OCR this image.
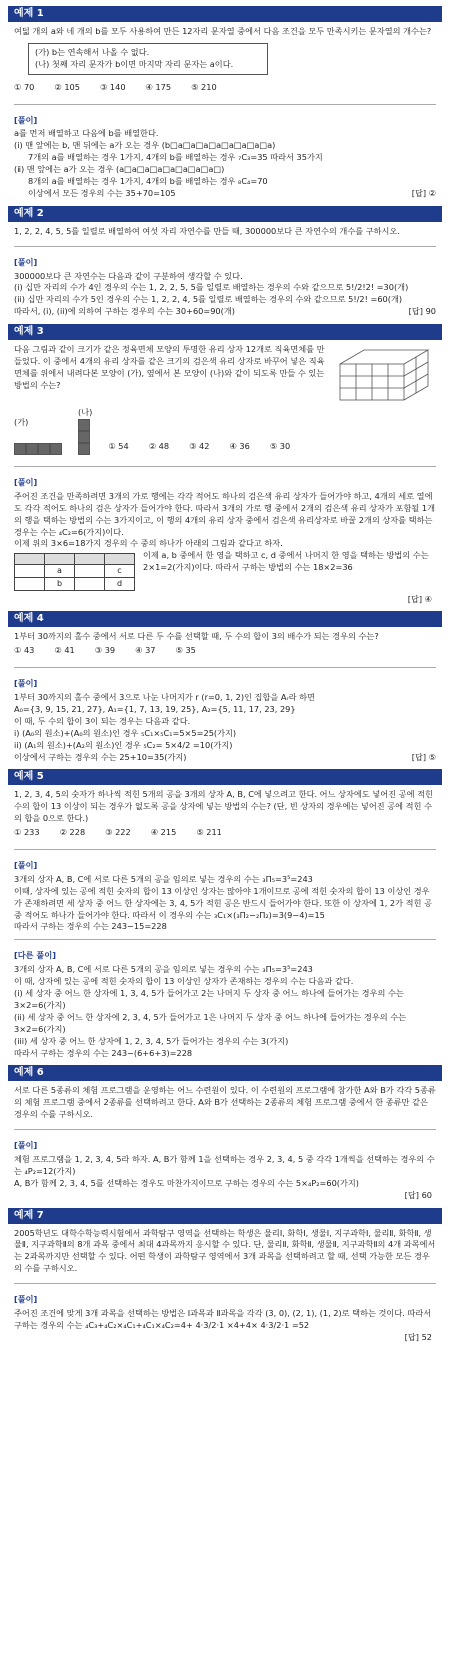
예제 1
여덟 개의 a와 네 개의 b를 모두 사용하여 만든 12자리 문자열 중에서 다음 조건을 모두 만족시키는 문자열의 개수는?
(가) b는 연속해서 나올 수 없다.
(나) 첫째 자리 문자가 b이면 마지막 자리 문자는 a이다.
① 70 ② 105 ③ 140 ④ 175 ⑤ 210
[풀이]
a를 먼저 배열하고 다음에 b를 배열한다.
(ⅰ) 맨 앞에는 b, 맨 뒤에는 a가 오는 경우 (b□a□a□a□a□a□a□a□a)
7개의 a를 배열하는 경우 1가지, 4개의 b를 배열하는 경우 ₇C₃=35 따라서 35가지
(ⅱ) 맨 앞에는 a가 오는 경우 (a□a□a□a□a□a□a□a□)
8개의 a를 배열하는 경우 1가지, 4개의 b를 배열하는 경우 ₈C₄=70
이상에서 모든 경우의 수는 35+70=105	[답] ②
예제 2
1, 2, 2, 4, 5, 5를 일렬로 배열하여 여섯 자리 자연수를 만들 때, 300000보다 큰 자연수의 개수를 구하시오.
[풀이]
300000보다 큰 자연수는 다음과 같이 구분하여 생각할 수 있다.
(i) 십만 자리의 수가 4인 경우의 수는 1, 2, 2, 5, 5를 일렬로 배열하는 경우의 수와 같으므로 5!/2!2! =30(개)
(ii) 십만 자리의 수가 5인 경우의 수는 1, 2, 2, 4, 5를 일렬로 배열하는 경우의 수와 같으므로 5!/2! =60(개)
따라서, (i), (ii)에 의하여 구하는 경우의 수는 30+60=90(개)	[답] 90
예제 3
다음 그림과 같이 크기가 같은 정육면체 모양의 투명한 유리 상자 12개로 직육면체를 만들었다. 이 중에서 4개의 유리 상자를 같은 크기의 검은색 유리 상자로 바꾸어 넣은 직육면체를 위에서 내려다본 모양이 (가), 옆에서 본 모양이 (나)와 같이 되도록 만들 수 있는 방법의 수는?
(가)
(나)
① 54 ② 48 ③ 42 ④ 36 ⑤ 30
[풀이]
주어진 조건을 만족하려면 3개의 가로 행에는 각각 적어도 하나의 검은색 유리 상자가 들어가야 하고, 4개의 세로 열에도 각각 적어도 하나의 검은 상자가 들어가야 한다. 따라서 3개의 가로 행 중에서 2개의 검은색 유리 상자가 포함될 1개의 행을 택하는 방법의 수는 3가지이고, 이 행의 4개의 유리 상자 중에서 검은색 유리상자로 바꿀 2개의 상자를 택하는 경우는 수는 ₄C₂=6(가지)이다.
이제 위의 3×6=18가지 경우의 수 중의 하나가 아래의 그림과 같다고 하자.

	a		c
	b		d
이제 a, b 중에서 한 영을 택하고 c, d 중에서 나머지 한 영을 택하는 방법의 수는 2×1=2(가지)이다. 따라서 구하는 방법의 수는 18×2=36
[답] ④
예제 4
1부터 30까지의 홀수 중에서 서로 다른 두 수를 선택할 때, 두 수의 합이 3의 배수가 되는 경우의 수는?
① 43 ② 41 ③ 39 ④ 37 ⑤ 35
[풀이]
1부터 30까지의 홀수 중에서 3으로 나눈 나머지가 r (r=0, 1, 2)인 집합을 Aᵣ라 하면
A₀={3, 9, 15, 21, 27}, A₁={1, 7, 13, 19, 25}, A₂={5, 11, 17, 23, 29}
이 때, 두 수의 합이 3이 되는 경우는 다음과 같다.
i) (A₀의 원소)+(A₀의 원소)인 경우 ₅C₁×₅C₁=5×5=25(가지)
ii) (A₁의 원소)+(A₂의 원소)인 경우 ₅C₂= 5×4/2 =10(가지)
이상에서 구하는 경우의 수는 25+10=35(가지)	[답] ⑤
예제 5
1, 2, 3, 4, 5의 숫자가 하나씩 적힌 5개의 공을 3개의 상자 A, B, C에 넣으려고 한다. 어느 상자에도 넣어진 공에 적힌 수의 합이 13 이상이 되는 경우가 없도록 공을 상자에 넣는 방법의 수는? (단, 빈 상자의 경우에는 넣어진 공에 적힌 수의 합을 0으로 한다.)
① 233 ② 228 ③ 222 ④ 215 ⑤ 211
[풀이]
3개의 상자 A, B, C에 서로 다른 5개의 공을 임의로 넣는 경우의 수는 ₃Π₅=3⁵=243
이때, 상자에 있는 공에 적힌 숫자의 합이 13 이상인 상자는 많아야 1개이므로 공에 적힌 숫자의 합이 13 이상인 경우가 존재하려면 세 상자 중 어느 한 상자에는 3, 4, 5가 적힌 공은 반드시 들어가야 한다. 또한 이 상자에 1, 2가 적힌 공 중 적어도 하나가 들어가야 한다. 따라서 이 경우의 수는 ₃C₁×(₃Π₂−₂Π₂)=3(9−4)=15
따라서 구하는 경우의 수는 243−15=228
[다른 풀이]
3개의 상자 A, B, C에 서로 다른 5개의 공을 임의로 넣는 경우의 수는 ₃Π₅=3⁵=243
이 때, 상자에 있는 공에 적힌 숫자의 합이 13 이상인 상자가 존재하는 경우의 수는 다음과 같다.
(i) 세 상자 중 어느 한 상자에 1, 3, 4, 5가 들어가고 2는 나머지 두 상자 중 어느 하나에 들어가는 경우의 수는 3×2=6(가지)
(ii) 세 상자 중 어느 한 상자에 2, 3, 4, 5가 들어가고 1은 나머지 두 상자 중 어느 하나에 들어가는 경우의 수는 3×2=6(가지)
(iii) 세 상자 중 어느 한 상자에 1, 2, 3, 4, 5가 들어가는 경우의 수는 3(가지)
따라서 구하는 경우의 수는 243−(6+6+3)=228
예제 6
서로 다른 5종류의 체험 프로그램을 운영하는 어느 수련원이 있다. 이 수련원의 프로그램에 참가한 A와 B가 각각 5종류의 체험 프로그램 중에서 2종류를 선택하려고 한다. A와 B가 선택하는 2종류의 체험 프로그램 중에서 한 종류만 같은 경우의 수를 구하시오.
[풀이]
체험 프로그램을 1, 2, 3, 4, 5라 하자. A, B가 함께 1을 선택하는 경우 2, 3, 4, 5 중 각각 1개씩을 선택하는 경우의 수는 ₄P₂=12(가지)
A, B가 함께 2, 3, 4, 5를 선택하는 경우도 마찬가지이므로 구하는 경우의 수는 5×₄P₂=60(가지)
[답] 60
예제 7
2005학년도 대학수학능력시험에서 과학탐구 영역을 선택하는 학생은 물리Ⅰ, 화학Ⅰ, 생물Ⅰ, 지구과학Ⅰ, 물리Ⅱ, 화학Ⅱ, 생물Ⅱ, 지구과학Ⅱ의 8개 과목 중에서 최대 4과목까지 응시할 수 있다. 단, 물리Ⅱ, 화학Ⅱ, 생물Ⅱ, 지구과학Ⅱ의 4개 과목에서는 2과목까지만 선택할 수 있다. 어떤 학생이 과학탐구 영역에서 3개 과목을 선택하려고 할 때, 선택 가능한 모든 경우의 수를 구하시오.
[풀이]
주어진 조건에 맞게 3개 과목을 선택하는 방법은 Ⅰ과목과 Ⅱ과목을 각각 (3, 0), (2, 1), (1, 2)로 택하는 것이다. 따라서 구하는 경우의 수는 ₄C₃+₄C₂×₄C₁+₄C₁×₄C₂=4+ 4·3/2·1 ×4+4× 4·3/2·1 =52
[답] 52
